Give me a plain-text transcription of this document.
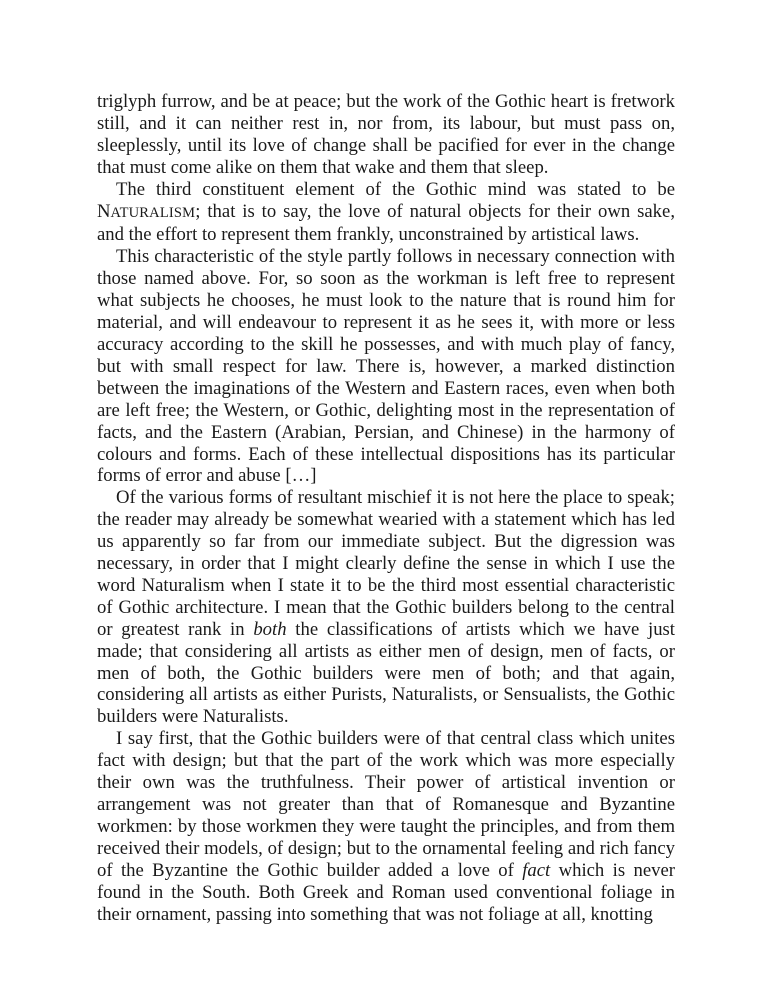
triglyph furrow, and be at peace; but the work of the Gothic heart is fretwork still, and it can neither rest in, nor from, its labour, but must pass on, sleeplessly, until its love of change shall be pacified for ever in the change that must come alike on them that wake and them that sleep.

The third constituent element of the Gothic mind was stated to be NATURALISM; that is to say, the love of natural objects for their own sake, and the effort to represent them frankly, unconstrained by artistical laws.

This characteristic of the style partly follows in necessary connection with those named above. For, so soon as the workman is left free to represent what subjects he chooses, he must look to the nature that is round him for material, and will endeavour to represent it as he sees it, with more or less accuracy according to the skill he possesses, and with much play of fancy, but with small respect for law. There is, however, a marked distinction between the imaginations of the Western and Eastern races, even when both are left free; the Western, or Gothic, delighting most in the representation of facts, and the Eastern (Arabian, Persian, and Chinese) in the harmony of colours and forms. Each of these intellectual dispositions has its particular forms of error and abuse […]

Of the various forms of resultant mischief it is not here the place to speak; the reader may already be somewhat wearied with a statement which has led us apparently so far from our immediate subject. But the digression was necessary, in order that I might clearly define the sense in which I use the word Naturalism when I state it to be the third most essential characteristic of Gothic architecture. I mean that the Gothic builders belong to the central or greatest rank in both the classifications of artists which we have just made; that considering all artists as either men of design, men of facts, or men of both, the Gothic builders were men of both; and that again, considering all artists as either Purists, Naturalists, or Sensualists, the Gothic builders were Naturalists.

I say first, that the Gothic builders were of that central class which unites fact with design; but that the part of the work which was more especially their own was the truthfulness. Their power of artistical invention or arrangement was not greater than that of Romanesque and Byzantine workmen: by those workmen they were taught the principles, and from them received their models, of design; but to the ornamental feeling and rich fancy of the Byzantine the Gothic builder added a love of fact which is never found in the South. Both Greek and Roman used conventional foliage in their ornament, passing into something that was not foliage at all, knotting
